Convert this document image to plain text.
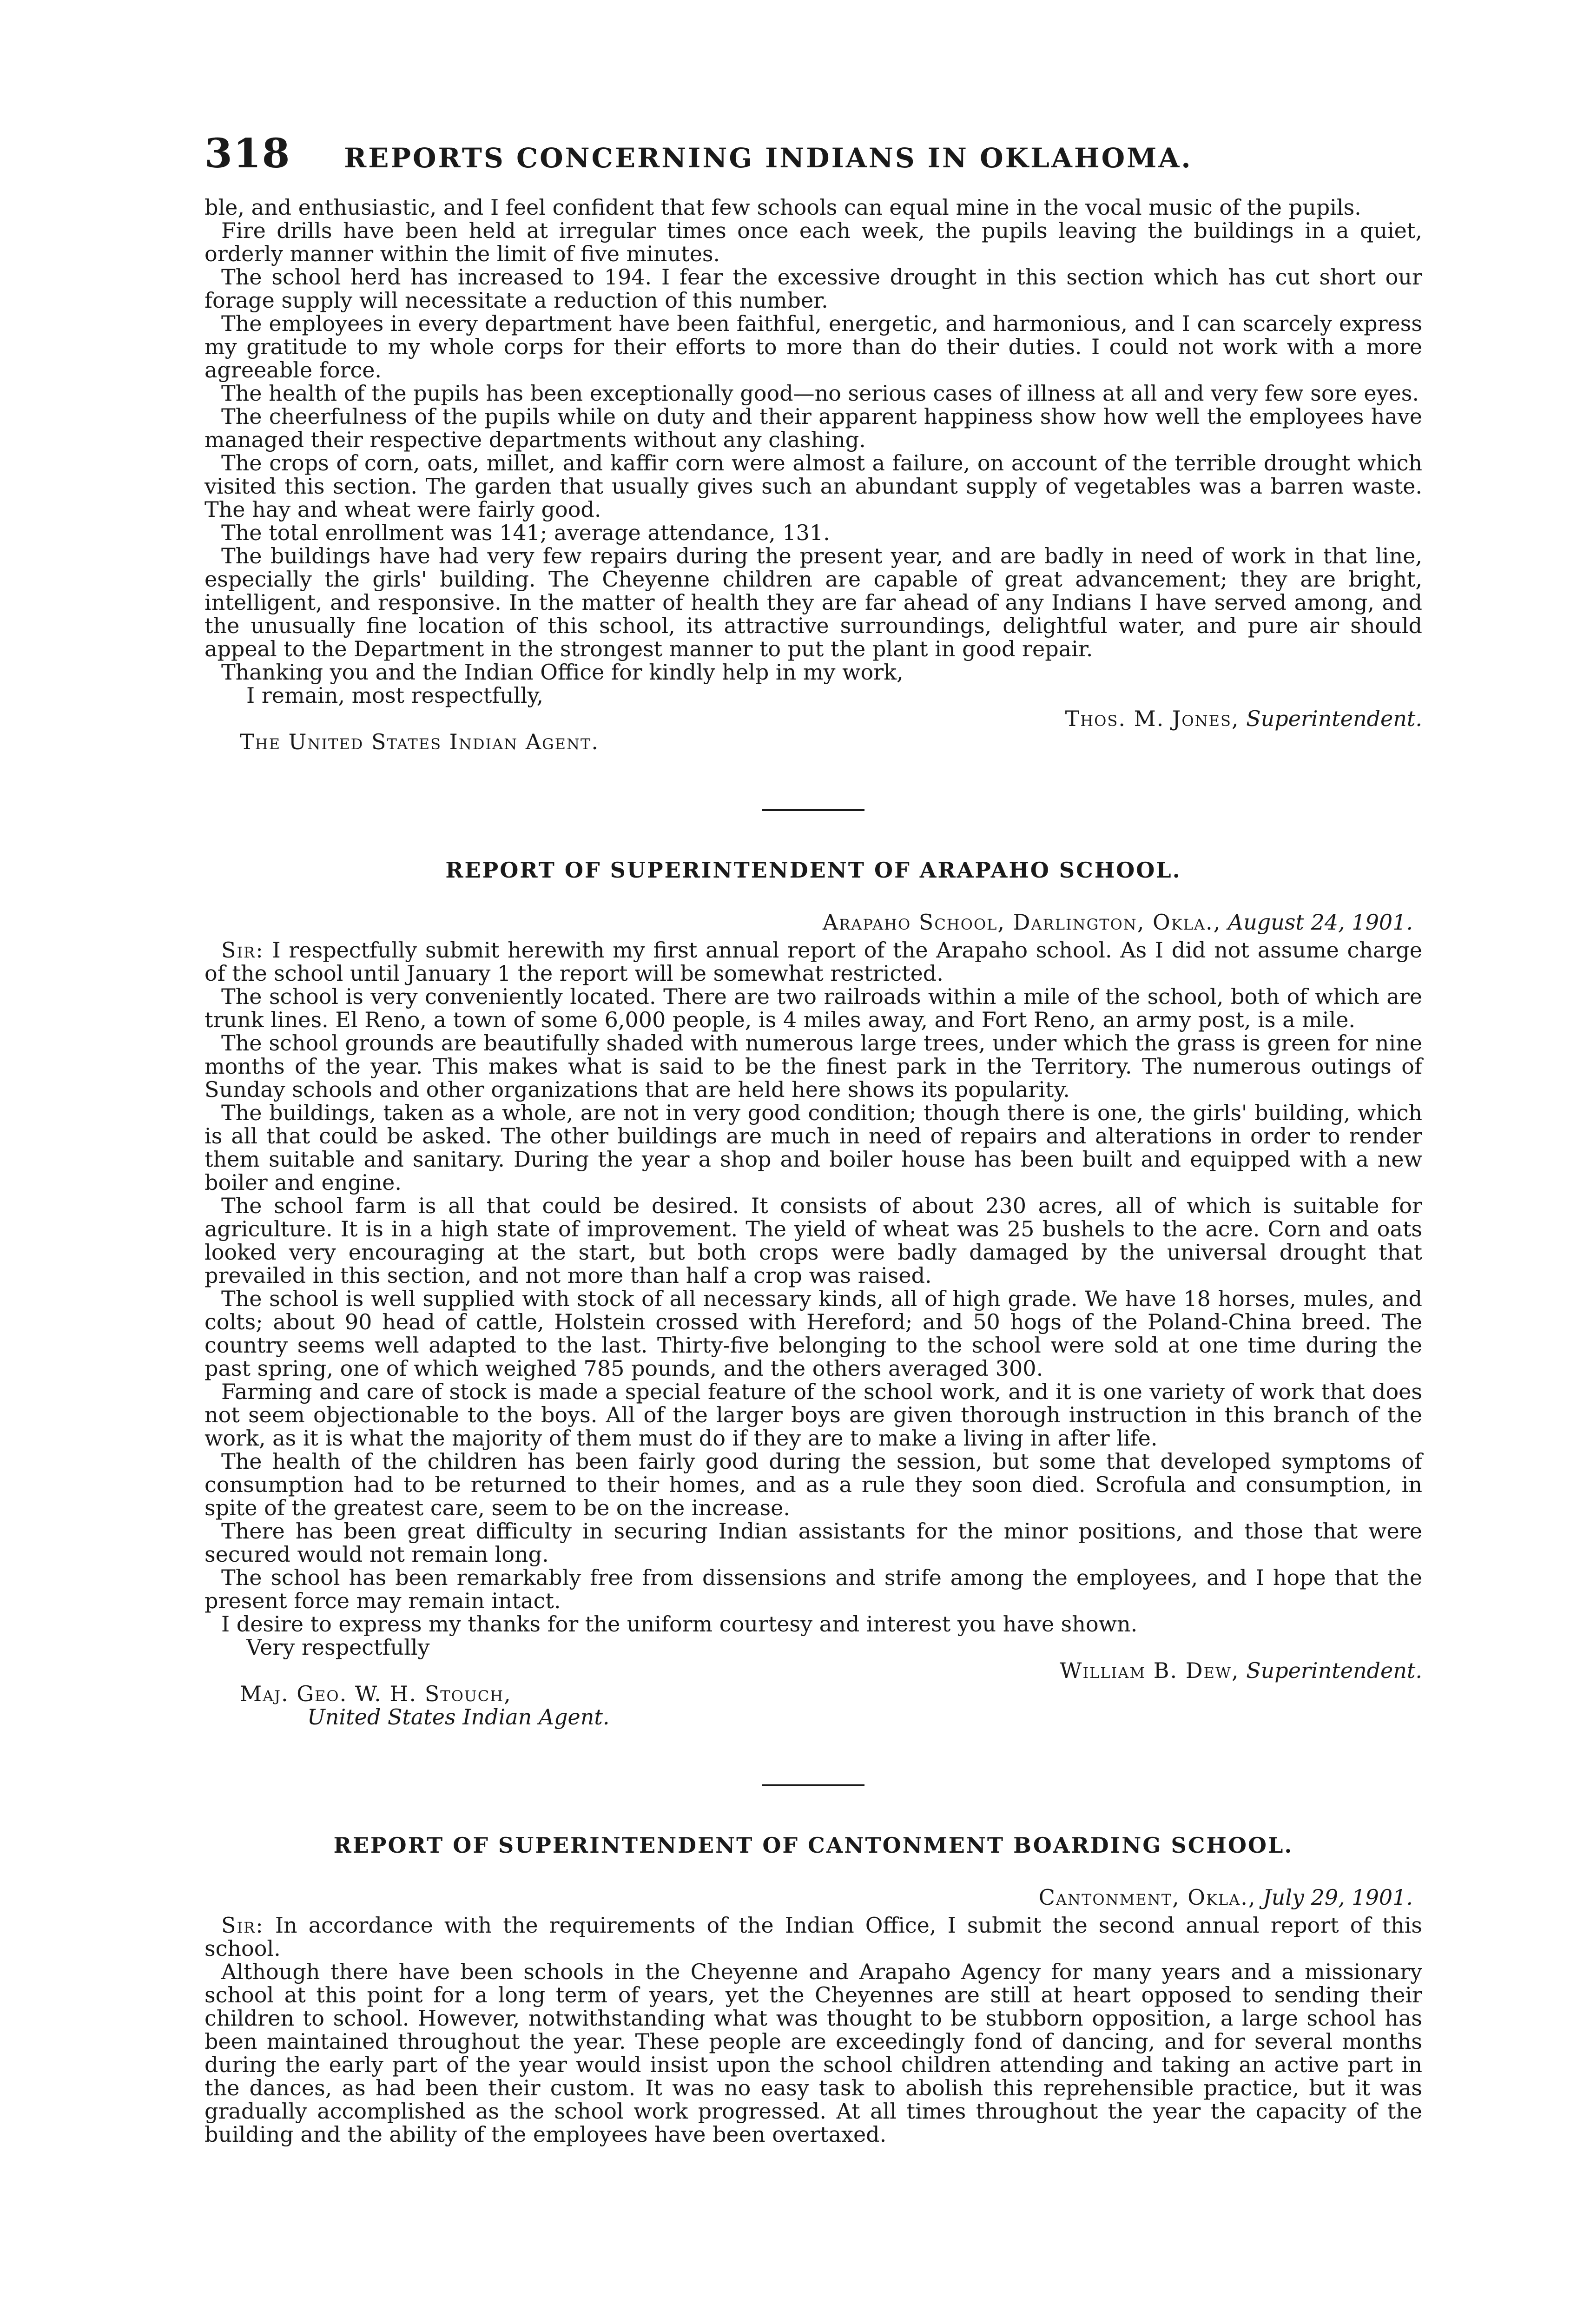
318	REPORTS CONCERNING INDIANS IN OKLAHOMA.

ble, and enthusiastic, and I feel confident that few schools can equal mine in the vocal music of the pupils.

Fire drills have been held at irregular times once each week, the pupils leaving the buildings in a quiet, orderly manner within the limit of five minutes.

The school herd has increased to 194. I fear the excessive drought in this section which has cut short our forage supply will necessitate a reduction of this number.

The employees in every department have been faithful, energetic, and harmonious, and I can scarcely express my gratitude to my whole corps for their efforts to more than do their duties. I could not work with a more agreeable force.

The health of the pupils has been exceptionally good—no serious cases of illness at all and very few sore eyes.

The cheerfulness of the pupils while on duty and their apparent happiness show how well the employees have managed their respective departments without any clashing.

The crops of corn, oats, millet, and kaffir corn were almost a failure, on account of the terrible drought which visited this section. The garden that usually gives such an abundant supply of vegetables was a barren waste. The hay and wheat were fairly good.

The total enrollment was 141; average attendance, 131.

The buildings have had very few repairs during the present year, and are badly in need of work in that line, especially the girls' building. The Cheyenne children are capable of great advancement; they are bright, intelligent, and responsive. In the matter of health they are far ahead of any Indians I have served among, and the unusually fine location of this school, its attractive surroundings, delightful water, and pure air should appeal to the Department in the strongest manner to put the plant in good repair.

Thanking you and the Indian Office for kindly help in my work,

I remain, most respectfully,

Thos. M. Jones, Superintendent.

The United States Indian Agent.

REPORT OF SUPERINTENDENT OF ARAPAHO SCHOOL.

Arapaho School, Darlington, Okla., August 24, 1901.

Sir: I respectfully submit herewith my first annual report of the Arapaho school. As I did not assume charge of the school until January 1 the report will be somewhat restricted.

The school is very conveniently located. There are two railroads within a mile of the school, both of which are trunk lines. El Reno, a town of some 6,000 people, is 4 miles away, and Fort Reno, an army post, is a mile.

The school grounds are beautifully shaded with numerous large trees, under which the grass is green for nine months of the year. This makes what is said to be the finest park in the Territory. The numerous outings of Sunday schools and other organizations that are held here shows its popularity.

The buildings, taken as a whole, are not in very good condition; though there is one, the girls' building, which is all that could be asked. The other buildings are much in need of repairs and alterations in order to render them suitable and sanitary. During the year a shop and boiler house has been built and equipped with a new boiler and engine.

The school farm is all that could be desired. It consists of about 230 acres, all of which is suitable for agriculture. It is in a high state of improvement. The yield of wheat was 25 bushels to the acre. Corn and oats looked very encouraging at the start, but both crops were badly damaged by the universal drought that prevailed in this section, and not more than half a crop was raised.

The school is well supplied with stock of all necessary kinds, all of high grade. We have 18 horses, mules, and colts; about 90 head of cattle, Holstein crossed with Hereford; and 50 hogs of the Poland-China breed. The country seems well adapted to the last. Thirty-five belonging to the school were sold at one time during the past spring, one of which weighed 785 pounds, and the others averaged 300.

Farming and care of stock is made a special feature of the school work, and it is one variety of work that does not seem objectionable to the boys. All of the larger boys are given thorough instruction in this branch of the work, as it is what the majority of them must do if they are to make a living in after life.

The health of the children has been fairly good during the session, but some that developed symptoms of consumption had to be returned to their homes, and as a rule they soon died. Scrofula and consumption, in spite of the greatest care, seem to be on the increase.

There has been great difficulty in securing Indian assistants for the minor positions, and those that were secured would not remain long.

The school has been remarkably free from dissensions and strife among the employees, and I hope that the present force may remain intact.

I desire to express my thanks for the uniform courtesy and interest you have shown.

Very respectfully

William B. Dew, Superintendent.

Maj. Geo. W. H. Stouch,

United States Indian Agent.

REPORT OF SUPERINTENDENT OF CANTONMENT BOARDING SCHOOL.

Cantonment, Okla., July 29, 1901.

Sir: In accordance with the requirements of the Indian Office, I submit the second annual report of this school.

Although there have been schools in the Cheyenne and Arapaho Agency for many years and a missionary school at this point for a long term of years, yet the Cheyennes are still at heart opposed to sending their children to school. However, notwithstanding what was thought to be stubborn opposition, a large school has been maintained throughout the year. These people are exceedingly fond of dancing, and for several months during the early part of the year would insist upon the school children attending and taking an active part in the dances, as had been their custom. It was no easy task to abolish this reprehensible practice, but it was gradually accomplished as the school work progressed. At all times throughout the year the capacity of the building and the ability of the employees have been overtaxed.
